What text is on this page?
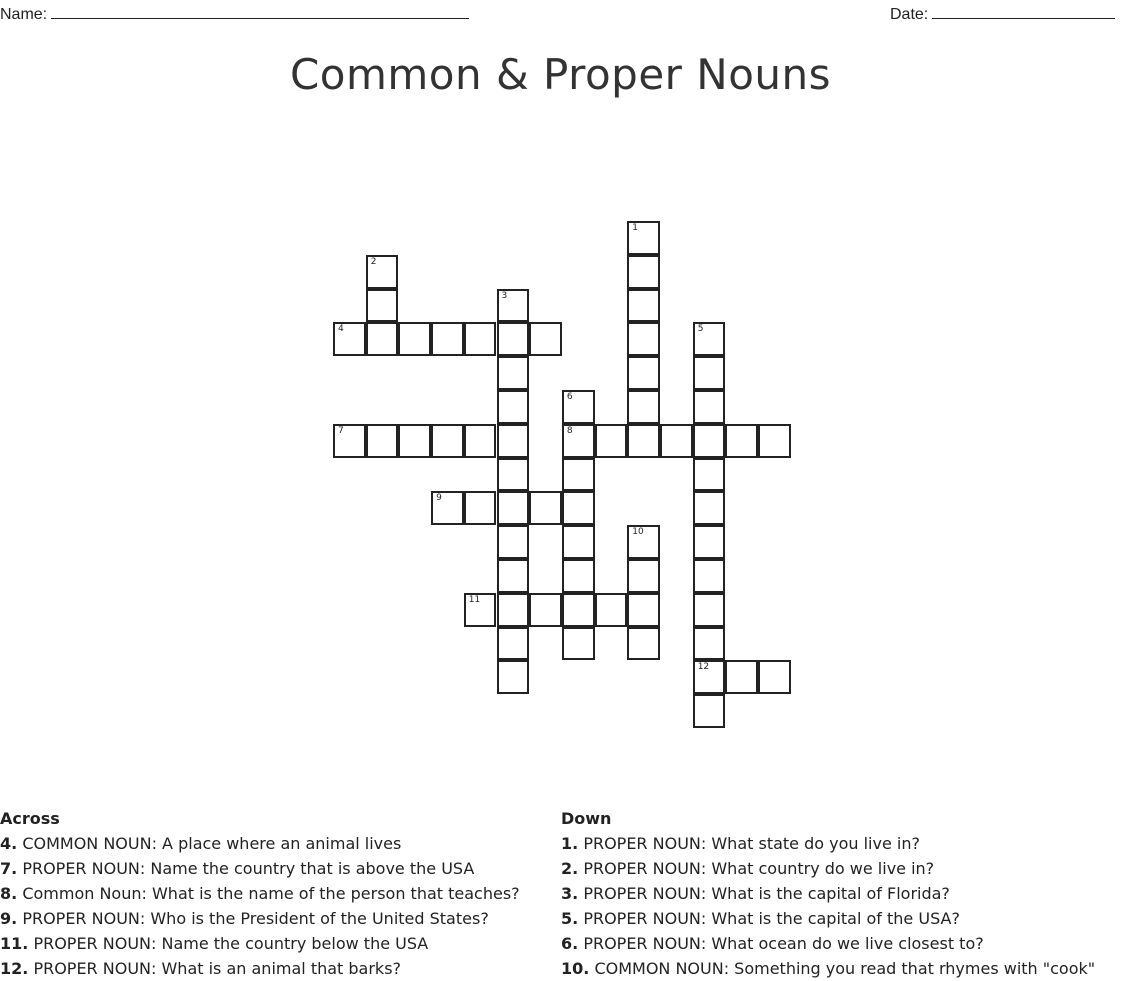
Name:	Date:
Common & Proper Nouns
1
2
3
4	5
12
6
8
7
9
10
11
Across
4. COMMON NOUN: A place where an animal lives
7. PROPER NOUN: Name the country that is above the USA
8. Common Noun: What is the name of the person that teaches?
9. PROPER NOUN: Who is the President of the United States?
11. PROPER NOUN: Name the country below the USA
12. PROPER NOUN: What is an animal that barks?
Down
1. PROPER NOUN: What state do you live in?
2. PROPER NOUN: What country do we live in?
3. PROPER NOUN: What is the capital of Florida?
5. PROPER NOUN: What is the capital of the USA?
6. PROPER NOUN: What ocean do we live closest to?
10. COMMON NOUN: Something you read that rhymes with "cook"
